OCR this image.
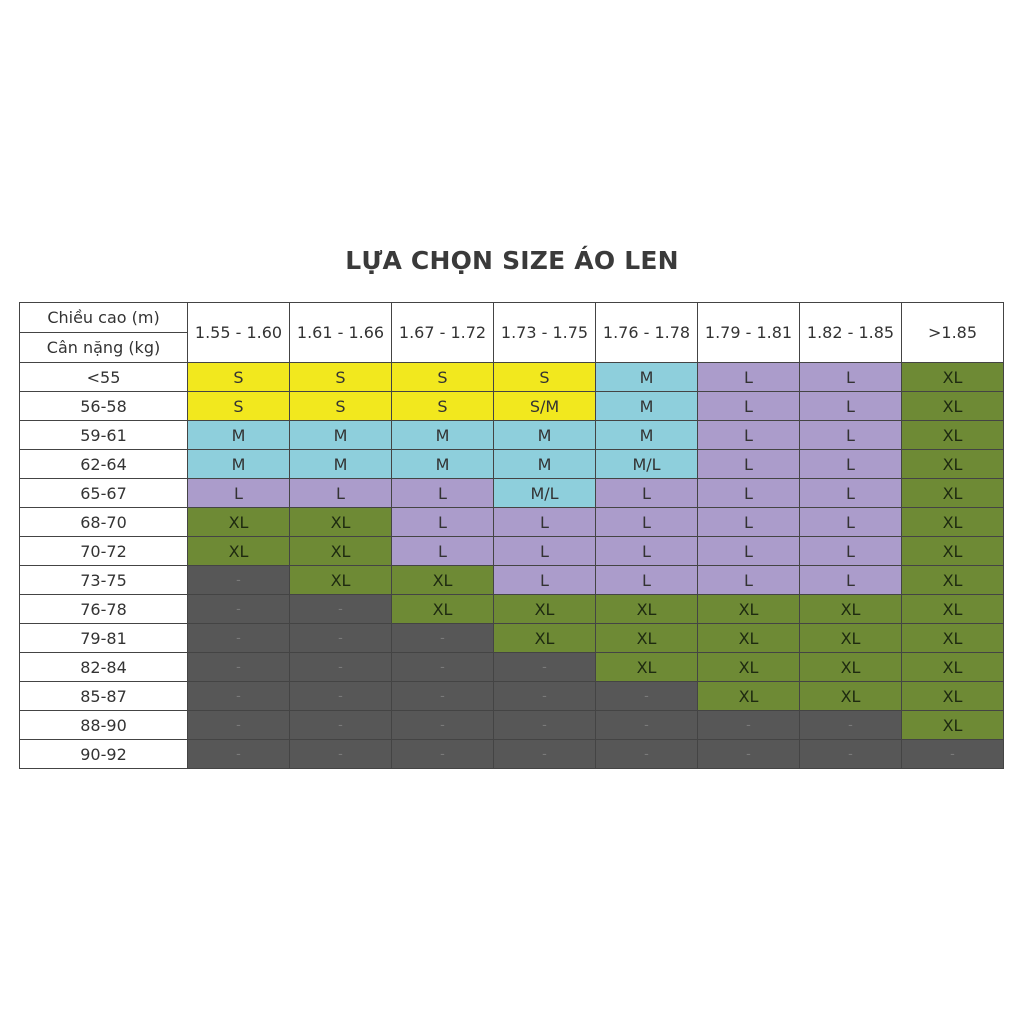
LỰA CHỌN SIZE ÁO LEN
Chiều cao (m)
Cân nặng (kg)	1.55 - 1.60	1.61 - 1.66	1.67 - 1.72	1.73 - 1.75	1.76 - 1.78	1.79 - 1.81	1.82 - 1.85	>1.85
<55	S	S	S	S	M	L	L	XL
56-58	S	S	S	S/M	M	L	L	XL
59-61	M	M	M	M	M	L	L	XL
62-64	M	M	M	M	M/L	L	L	XL
65-67	L	L	L	M/L	L	L	L	XL
68-70	XL	XL	L	L	L	L	L	XL
70-72	XL	XL	L	L	L	L	L	XL
73-75	-	XL	XL	L	L	L	L	XL
76-78	-	-	XL	XL	XL	XL	XL	XL
79-81	-	-	-	XL	XL	XL	XL	XL
82-84	-	-	-	-	XL	XL	XL	XL
85-87	-	-	-	-	-	XL	XL	XL
88-90	-	-	-	-	-	-	-	XL
90-92	-	-	-	-	-	-	-	-
